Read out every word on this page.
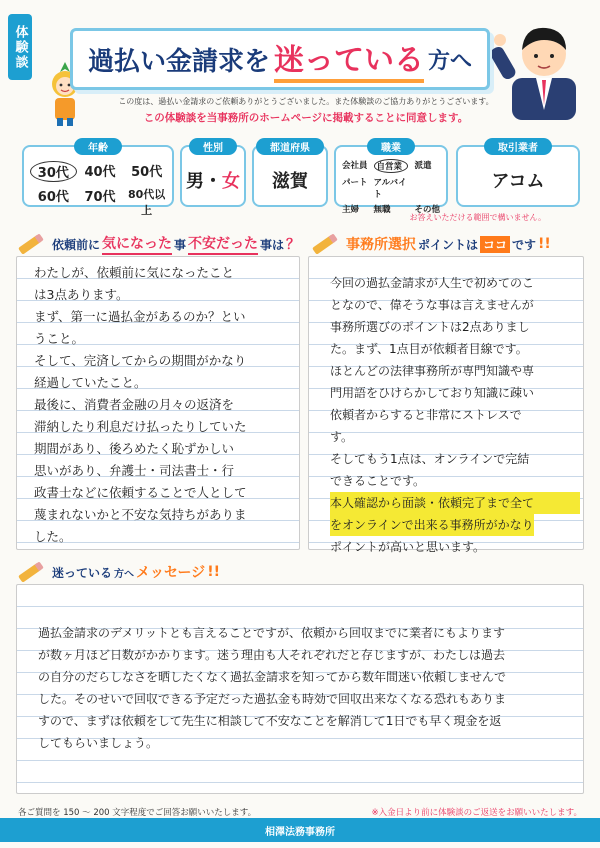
体験談 過払い金請求を 迷っている 方へ
この度は、過払い金請求のご依頼ありがとうございました。また体験談のご協力ありがとうございます。
この体験談を当事務所のホームページに掲載することに同意します。
年齢
30代	40代	50代
60代	70代	80代以上
性別
男・女
都道府県
滋賀
職業
会社員	自営業	派遣
パート アルバイト
主婦	無職	その他
取引業者
アコム
お答えいただける範囲で構いません。
依頼前に 気になった 事 不安だった 事は ？

わたしが、依頼前に気になったこと

は3点あります。

まず、第一に過払金があるのか？とい

うこと。

そして、完済してからの期間がかなり

経過していたこと。

最後に、消費者金融の月々の返済を

滞納したり利息だけ払ったりしていた

期間があり、後ろめたく恥ずかしい

思いがあり、弁護士・司法書士・行

政書士などに依頼することで人として

蔑まれないかと不安な気持ちがありま

した。

事務所選択 ポイントは ココ です !!

今回の過払金請求が人生で初めてのこ

となので、偉そうな事は言えませんが

事務所選びのポイントは2点ありまし

た。まず、1点目が依頼者目線です。

ほとんどの法律事務所が専門知識や専

門用語をひけらかしており知識に疎い

依頼者からすると非常にストレスで

す。

そしてもう1点は、オンラインで完結

できることです。

本人確認から面談・依頼完了まで全て

をオンラインで出来る事務所がかなり

ポイントが高いと思います。

迷っている 方へ メッセージ !!

過払金請求のデメリットとも言えることですが、依頼から回収までに業者にもよります

が数ヶ月ほど日数がかかります。迷う理由も人それぞれだと存じますが、わたしは過去

の自分のだらしなさを晒したくなく過払金請求を知ってから数年間迷い依頼しませんで

した。そのせいで回収できる予定だった過払金も時効で回収出来なくなる恐れもありま

すので、まずは依頼をして先生に相談して不安なことを解消して1日でも早く現金を返

してもらいましょう。

各ご質問を 150 〜 200 文字程度でご回答お願いいたします。	※入金日より前に体験談のご返送をお願いいたします。
相澤法務事務所
